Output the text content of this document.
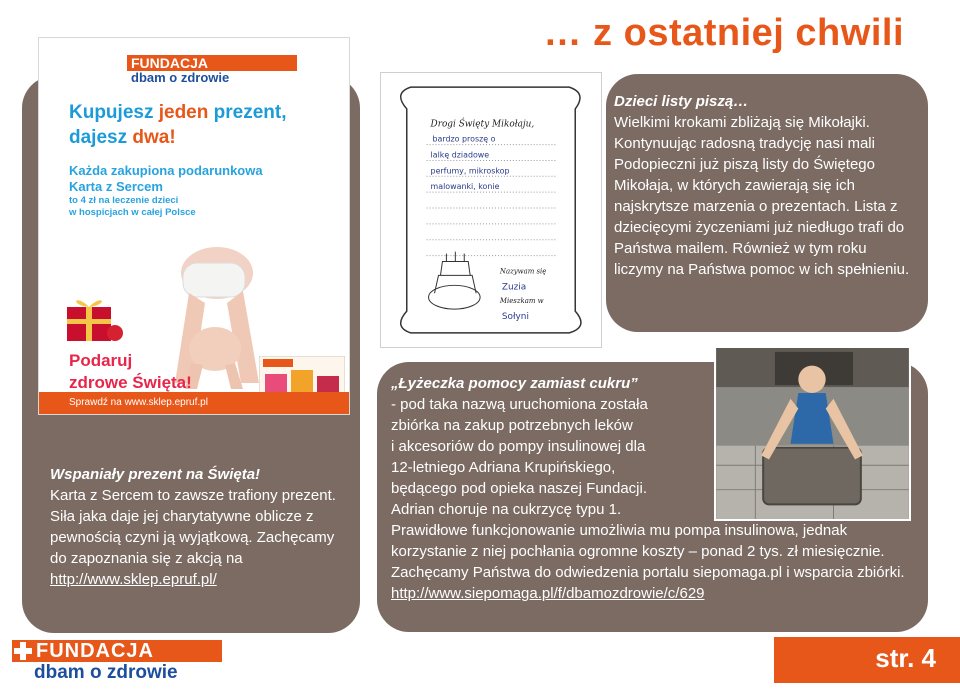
… z ostatniej chwili
FUNDACJA
dbam o zdrowie
Kupujesz jeden prezent,
dajesz dwa!
Każda zakupiona podarunkowa
Karta z Sercem

to 4 zł na leczenie dzieci
w hospicjach w całej Polsce
Podaruj
zdrowe Święta!
Sprawdź na www.sklep.epruf.pl
Wspaniały prezent na Święta!
Karta z Sercem to zawsze trafiony prezent. Siła jaka daje jej charytatywne oblicze z pewnością czyni ją wyjątkową. Zachęcamy do zapoznania się z akcją na
http://www.sklep.epruf.pl/
Drogi Święty Mikołaju,
bardzo proszę o
lalkę dziadowe
perfumy, mikroskop
malowanki, konie
Nazywam się
Zuzia
Mieszkam w
Sołyni
Dzieci listy piszą…
Wielkimi krokami zbliżają się Mikołajki. Kontynuując radosną tradycję nasi mali Podopieczni już piszą listy do Świętego Mikołaja, w których zawierają się ich najskrytsze marzenia o prezentach. Lista z dziecięcymi życzeniami już niedługo trafi do Państwa mailem. Również w tym roku liczymy na Państwa pomoc w ich spełnieniu.
„Łyżeczka pomocy zamiast cukru”
- pod taka nazwą uruchomiona została
zbiórka na zakup potrzebnych leków
i akcesoriów do pompy insulinowej dla
12-letniego Adriana Krupińskiego,
będącego pod opieka naszej Fundacji.
Adrian choruje na cukrzycę typu 1.
Prawidłowe funkcjonowanie umożliwia mu pompa insulinowa, jednak korzystanie z niej pochłania ogromne koszty – ponad 2 tys. zł miesięcznie. Zachęcamy Państwa do odwiedzenia portalu siepomaga.pl i wsparcia zbiórki.
http://www.siepomaga.pl/f/dbamozdrowie/c/629
FUNDACJA
dbam o zdrowie	str. 4
